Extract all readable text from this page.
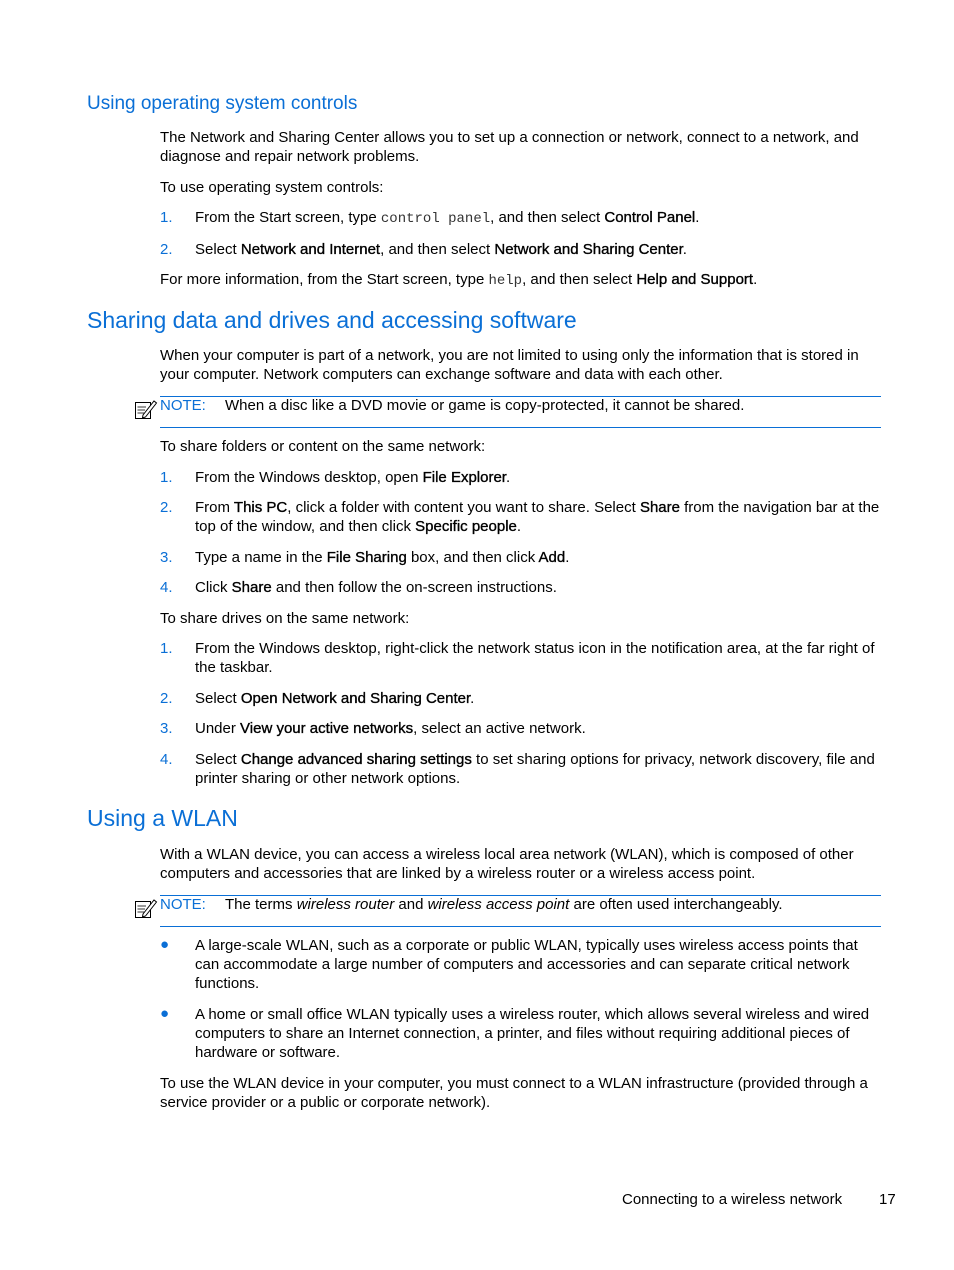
Using operating system controls
The Network and Sharing Center allows you to set up a connection or network, connect to a network, and diagnose and repair network problems.
To use operating system controls:
1. From the Start screen, type control panel, and then select Control Panel.
2. Select Network and Internet, and then select Network and Sharing Center.
For more information, from the Start screen, type help, and then select Help and Support.
Sharing data and drives and accessing software
When your computer is part of a network, you are not limited to using only the information that is stored in your computer. Network computers can exchange software and data with each other.
NOTE: When a disc like a DVD movie or game is copy-protected, it cannot be shared.
To share folders or content on the same network:
1. From the Windows desktop, open File Explorer.
2. From This PC, click a folder with content you want to share. Select Share from the navigation bar at the top of the window, and then click Specific people.
3. Type a name in the File Sharing box, and then click Add.
4. Click Share and then follow the on-screen instructions.
To share drives on the same network:
1. From the Windows desktop, right-click the network status icon in the notification area, at the far right of the taskbar.
2. Select Open Network and Sharing Center.
3. Under View your active networks, select an active network.
4. Select Change advanced sharing settings to set sharing options for privacy, network discovery, file and printer sharing or other network options.
Using a WLAN
With a WLAN device, you can access a wireless local area network (WLAN), which is composed of other computers and accessories that are linked by a wireless router or a wireless access point.
NOTE: The terms wireless router and wireless access point are often used interchangeably.
● A large-scale WLAN, such as a corporate or public WLAN, typically uses wireless access points that can accommodate a large number of computers and accessories and can separate critical network functions.
● A home or small office WLAN typically uses a wireless router, which allows several wireless and wired computers to share an Internet connection, a printer, and files without requiring additional pieces of hardware or software.
To use the WLAN device in your computer, you must connect to a WLAN infrastructure (provided through a service provider or a public or corporate network).
Connecting to a wireless network 17
